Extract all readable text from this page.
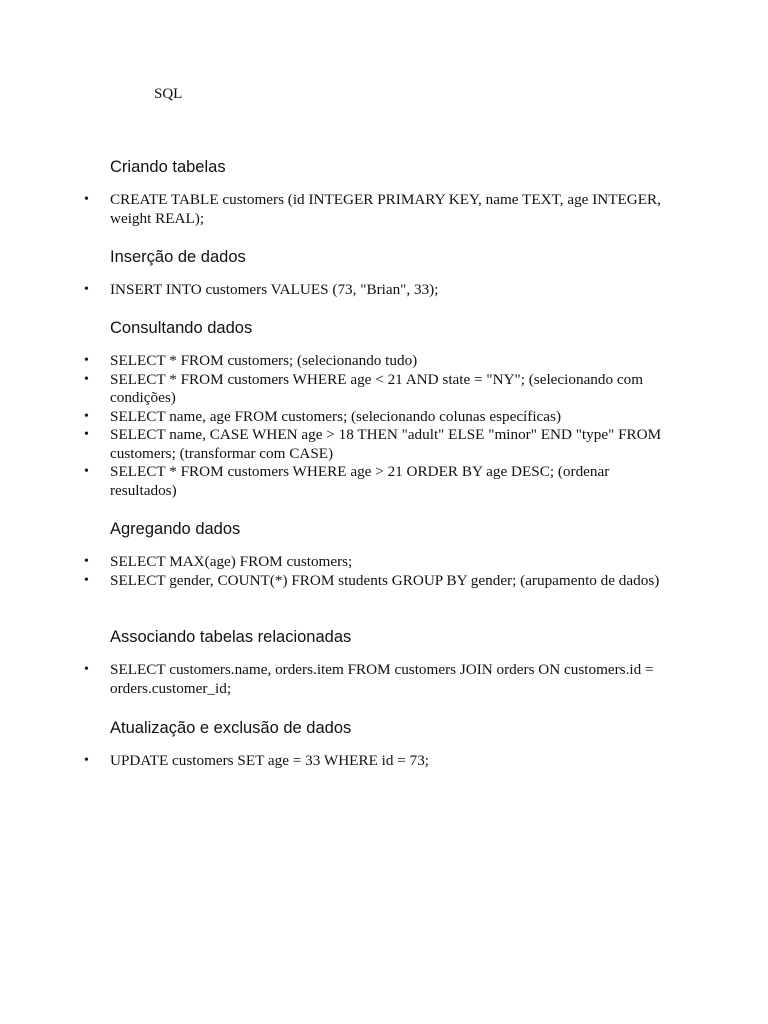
SQL

Criando tabelas
•	CREATE TABLE customers (id INTEGER PRIMARY KEY, name TEXT, age INTEGER, weight REAL);
Inserção de dados
•	INSERT INTO customers VALUES (73, "Brian", 33);
Consultando dados
•	SELECT * FROM customers; (selecionando tudo)
•	SELECT * FROM customers WHERE age < 21 AND state = "NY"; (selecionando com condições)
•	SELECT name, age FROM customers; (selecionando colunas específicas)
•	SELECT name, CASE WHEN age > 18 THEN "adult" ELSE "minor" END "type" FROM customers; (transformar com CASE)
•	SELECT * FROM customers WHERE age > 21 ORDER BY age DESC; (ordenar resultados)
Agregando dados
•	SELECT MAX(age) FROM customers;
•	SELECT gender, COUNT(*) FROM students GROUP BY gender; (arupamento de dados)
Associando tabelas relacionadas
•	SELECT customers.name, orders.item FROM customers JOIN orders ON customers.id = orders.customer_id;
Atualização e exclusão de dados
•	UPDATE customers SET age = 33 WHERE id = 73;
